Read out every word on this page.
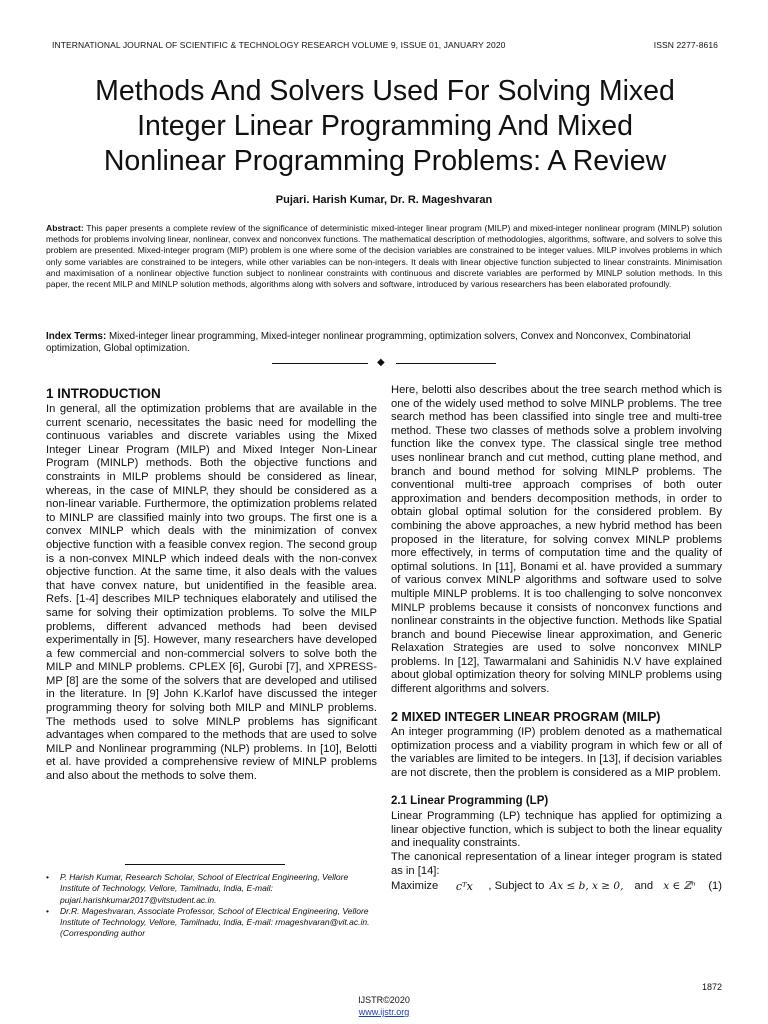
INTERNATIONAL JOURNAL OF SCIENTIFIC & TECHNOLOGY RESEARCH VOLUME 9, ISSUE 01, JANUARY 2020	ISSN 2277-8616
Methods And Solvers Used For Solving Mixed
Integer Linear Programming And Mixed
Nonlinear Programming Problems: A Review
Pujari. Harish Kumar, Dr. R. Mageshvaran
Abstract: This paper presents a complete review of the significance of deterministic mixed-integer linear program (MILP) and mixed-integer nonlinear program (MINLP) solution methods for problems involving linear, nonlinear, convex and nonconvex functions. The mathematical description of methodologies, algorithms, software, and solvers to solve this problem are presented. Mixed-integer program (MIP) problem is one where some of the decision variables are constrained to be integer values. MILP involves problems in which only some variables are constrained to be integers, while other variables can be non-integers. It deals with linear objective function subjected to linear constraints. Minimisation and maximisation of a nonlinear objective function subject to nonlinear constraints with continuous and discrete variables are performed by MINLP solution methods. In this paper, the recent MILP and MINLP solution methods, algorithms along with solvers and software, introduced by various researchers has been elaborated profoundly.
Index Terms: Mixed-integer linear programming, Mixed-integer nonlinear programming, optimization solvers, Convex and Nonconvex, Combinatorial optimization, Global optimization.
◆
1 INTRODUCTION

In general, all the optimization problems that are available in the current scenario, necessitates the basic need for modelling the continuous variables and discrete variables using the Mixed Integer Linear Program (MILP) and Mixed Integer Non-Linear Program (MINLP) methods. Both the objective functions and constraints in MILP problems should be considered as linear, whereas, in the case of MINLP, they should be considered as a non-linear variable. Furthermore, the optimization problems related to MINLP are classified mainly into two groups. The first one is a convex MINLP which deals with the minimization of convex objective function with a feasible convex region. The second group is a non-convex MINLP which indeed deals with the non-convex objective function. At the same time, it also deals with the values that have convex nature, but unidentified in the feasible area. Refs. [1-4] describes MILP techniques elaborately and utilised the same for solving their optimization problems. To solve the MILP problems, different advanced methods had been devised experimentally in [5]. However, many researchers have developed a few commercial and non-commercial solvers to solve both the MILP and MINLP problems. CPLEX [6], Gurobi [7], and XPRESS-MP [8] are the some of the solvers that are developed and utilised in the literature. In [9] John K.Karlof have discussed the integer programming theory for solving both MILP and MINLP problems. The methods used to solve MINLP problems has significant advantages when compared to the methods that are used to solve MILP and Nonlinear programming (NLP) problems. In [10], Belotti et al. have provided a comprehensive review of MINLP problems and also about the methods to solve them.

Here, belotti also describes about the tree search method which is one of the widely used method to solve MINLP problems. The tree search method has been classified into single tree and multi-tree method. These two classes of methods solve a problem involving function like the convex type. The classical single tree method uses nonlinear branch and cut method, cutting plane method, and branch and bound method for solving MINLP problems. The conventional multi-tree approach comprises of both outer approximation and benders decomposition methods, in order to obtain global optimal solution for the considered problem. By combining the above approaches, a new hybrid method has been proposed in the literature, for solving convex MINLP problems more effectively, in terms of computation time and the quality of optimal solutions. In [11], Bonami et al. have provided a summary of various convex MINLP algorithms and software used to solve multiple MINLP problems. It is too challenging to solve nonconvex MINLP problems because it consists of nonconvex functions and nonlinear constraints in the objective function. Methods like Spatial branch and bound Piecewise linear approximation, and Generic Relaxation Strategies are used to solve nonconvex MINLP problems. In [12], Tawarmalani and Sahinidis N.V have explained about global optimization theory for solving MINLP problems using different algorithms and solvers.

2 MIXED INTEGER LINEAR PROGRAM (MILP)

An integer programming (IP) problem denoted as a mathematical optimization process and a viability program in which few or all of the variables are limited to be integers. In [13], if decision variables are not discrete, then the problem is considered as a MIP problem.

2.1 Linear Programming (LP)

Linear Programming (LP) technique has applied for optimizing a linear objective function, which is subject to both the linear equality and inequality constraints.

The canonical representation of a linear integer program is stated as in [14]:

Maximize	cᵀx	, Subject to Ax ≤ b, x ≥ 0, and x ∈ ℤⁿ	(1)
•	P. Harish Kumar, Research Scholar, School of Electrical Engineering, Vellore Institute of Technology, Vellore, Tamilnadu, India, E-mail: pujari.harishkumar2017@vitstudent.ac.in.
•	Dr.R. Mageshvaran, Associate Professor, School of Electrical Engineering, Vellore Institute of Technology, Vellore, Tamilnadu, India, E-mail: rmageshvaran@vit.ac.in. (Corresponding author
1872
IJSTR©2020
www.ijstr.org
